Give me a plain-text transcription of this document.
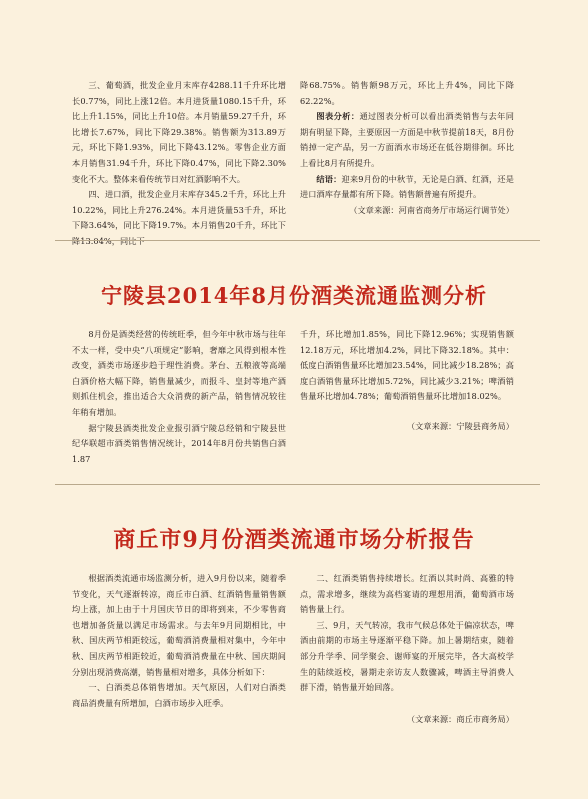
三、葡萄酒，批发企业月末库存4288.11千升环比增长0.77%，同比上涨12倍。本月进货量1080.15千升，环比上升1.15%，同比上升10倍。本月销量59.27千升，环比增长7.67%，同比下降29.38%。销售额为313.89万元，环比下降1.93%，同比下降43.12%。零售企业方面本月销售31.94千升，环比下降0.47%，同比下降2.30%变化不大。整体来看传统节日对红酒影响不大。

四、进口酒，批发企业月末库存345.2千升，环比上升10.22%，同比上升276.24%。本月进货量53千升，环比下降3.64%，同比下降19.7%。本月销售20千升，环比下降13.04%，同比下

降68.75%。销售额98万元，环比上升4%，同比下降62.22%。

图表分析：通过图表分析可以看出酒类销售与去年同期有明显下降，主要原因一方面是中秋节提前18天，8月份销掉一定产品，另一方面酒水市场还在低谷期徘徊。环比上看比8月有所提升。

结语：迎来9月份的中秋节，无论是白酒、红酒，还是进口酒库存量都有所下降。销售额普遍有所提升。

（文章来源：河南省商务厅市场运行调节处）

宁陵县2014年8月份酒类流通监测分析

8月份是酒类经营的传统旺季，但今年中秋市场与往年不太一样，受中央“八项规定”影响，奢靡之风得到根本性改变，酒类市场逐步趋于理性消费。茅台、五粮液等高端白酒价格大幅下降，销售量减少，而报斗、皇封等地产酒则抓住机会，推出适合大众消费的新产品，销售情况较往年稍有增加。

据宁陵县酒类批发企业报引酒宁陵总经销和宁陵县世纪华联超市酒类销售情况统计，2014年8月份共销售白酒1.87

千升，环比增加1.85%，同比下降12.96%；实现销售额12.18万元，环比增加4.2%，同比下降32.18%。其中：低度白酒销售量环比增加23.54%，同比减少18.28%；高度白酒销售量环比增加5.72%，同比减少3.21%；啤酒销售量环比增加4.78%；葡萄酒销售量环比增加18.02%。

（文章来源：宁陵县商务局）

商丘市9月份酒类流通市场分析报告

根据酒类流通市场监测分析，进入9月份以来，随着季节变化，天气逐渐转凉，商丘市白酒、红酒销售量销售额均上涨，加上由于十月国庆节日的即将到来，不少零售商也增加备货量以满足市场需求。与去年9月同期相比，中秋、国庆两节相距较远，葡萄酒消费量相对集中，今年中秋、国庆两节相距较近，葡萄酒消费量在中秋、国庆期间分别出现消费高潮，销售量相对增多，具体分析如下：

一、白酒类总体销售增加。天气原因，人们对白酒类商品消费量有所增加，白酒市场步入旺季。

二、红酒类销售持续增长。红酒以其时尚、高雅的特点，需求增多，继续为高档宴请的理想用酒，葡萄酒市场销售量上行。

三、9月，天气转凉，我市气候总体处于偏凉状态，啤酒由前期的市场主导逐渐平稳下降。加上暑期结束，随着部分升学季、同学聚会、谢师宴的开展完毕，各大高校学生的陆续返校，暑期走亲访友人数骤减，啤酒主导消费人群下滑，销售量开始回落。

（文章来源：商丘市商务局）
